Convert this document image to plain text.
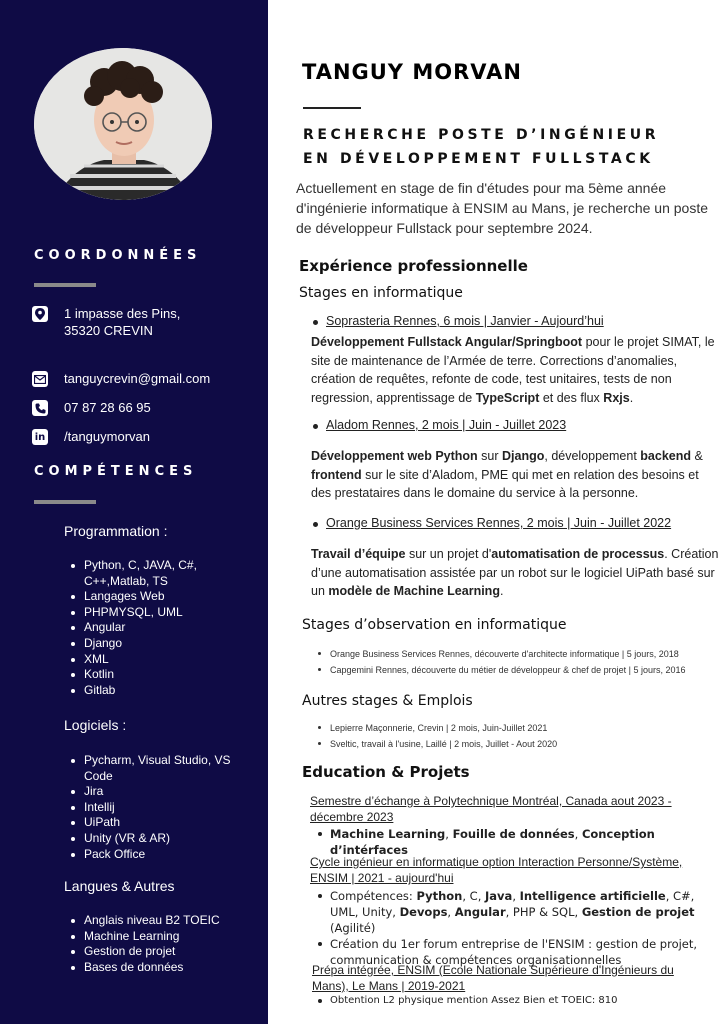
COORDONNÉES
1 impasse des Pins,
35320 CREVIN
tanguycrevin@gmail.com
07 87 28 66 95
in /tanguymorvan
COMPÉTENCES
Programmation :
Python, C, JAVA, C#, C++,Matlab, TS
Langages Web
PHPMYSQL, UML
Angular
Django
XML
Kotlin
Gitlab
Logiciels :
Pycharm, Visual Studio, VS Code
Jira
Intellij
UiPath
Unity (VR & AR)
Pack Office
Langues & Autres
Anglais niveau B2 TOEIC
Machine Learning
Gestion de projet
Bases de données
TANGUY MORVAN
RECHERCHE POSTE D’INGÉNIEUR
EN DÉVELOPPEMENT FULLSTACK
Actuellement en stage de fin d'études pour ma 5ème année d'ingénierie informatique à ENSIM au Mans, je recherche un poste de développeur Fullstack pour septembre 2024.
Expérience professionnelle
Stages en informatique
Soprasteria Rennes, 6 mois | Janvier - Aujourd’hui
Développement Fullstack Angular/Springboot pour le projet SIMAT, le site de maintenance de l’Armée de terre. Corrections d’anomalies, création de requêtes, refonte de code, test unitaires, tests de non regression, apprentissage de TypeScript et des flux Rxjs.
Aladom Rennes, 2 mois | Juin - Juillet 2023
Développement web Python sur Django, développement backend & frontend sur le site d’Aladom, PME qui met en relation des besoins et des prestataires dans le domaine du service à la personne.
Orange Business Services Rennes, 2 mois | Juin - Juillet 2022
Travail d’équipe sur un projet d'automatisation de processus. Création d’une automatisation assistée par un robot sur le logiciel UiPath basé sur un modèle de Machine Learning.
Stages d’observation en informatique
Orange Business Services Rennes, découverte d'architecte informatique | 5 jours, 2018
Capgemini Rennes, découverte du métier de développeur & chef de projet | 5 jours, 2016
Autres stages & Emplois
Lepierre Maçonnerie, Crevin | 2 mois, Juin-Juillet 2021
Sveltic, travail à l'usine, Laillé | 2 mois, Juillet - Aout 2020
Education & Projets
Semestre d’échange à Polytechnique Montréal, Canada aout 2023 - décembre 2023
Machine Learning, Fouille de données, Conception d’intérfaces
Cycle ingénieur en informatique option Interaction Personne/Système, ENSIM | 2021 - aujourd'hui
Compétences: Python, C, Java, Intelligence artificielle, C#, UML, Unity, Devops, Angular, PHP & SQL, Gestion de projet (Agilité)
Création du 1er forum entreprise de l'ENSIM : gestion de projet, communication & compétences organisationnelles
Prépa intégrée, ENSIM (Ecole Nationale Supérieure d'Ingénieurs du Mans), Le Mans | 2019-2021
Obtention L2 physique mention Assez Bien et TOEIC: 810
